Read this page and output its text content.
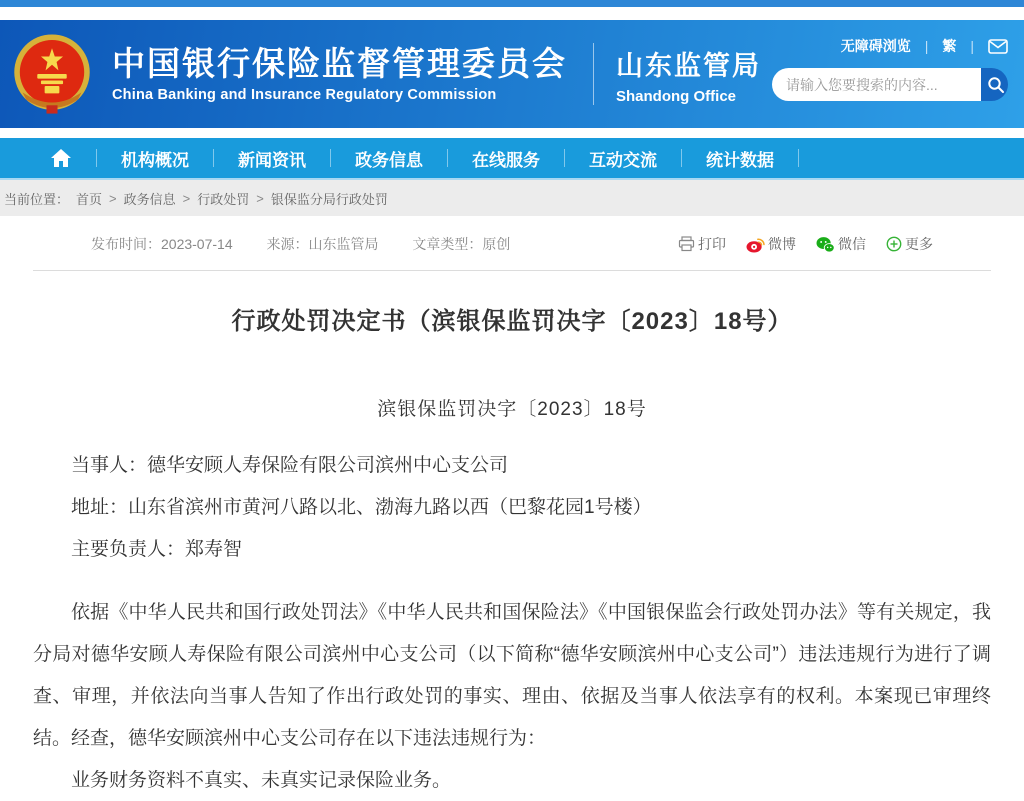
中国银行保险监督管理委员会
China Banking and Insurance Regulatory Commission
山东监管局
Shandong Office
无障碍浏览 | 繁 |
请输入您要搜索的内容...
机构概况	新闻资讯	政务信息	在线服务	互动交流	统计数据
当前位置： 首页 > 政务信息 > 行政处罚 > 银保监分局行政处罚
发布时间：2023-07-14 来源：山东监管局 文章类型：原创	打印	微博	微信	更多
行政处罚决定书（滨银保监罚决字〔2023〕18号）
滨银保监罚决字〔2023〕18号

当事人：德华安顾人寿保险有限公司滨州中心支公司

地址：山东省滨州市黄河八路以北、渤海九路以西（巴黎花园1号楼）

主要负责人：郑寿智

依据《中华人民共和国行政处罚法》《中华人民共和国保险法》《中国银保监会行政处罚办法》等有关规定，我分局对德华安顾人寿保险有限公司滨州中心支公司（以下简称“德华安顾滨州中心支公司”）违法违规行为进行了调查、审理，并依法向当事人告知了作出行政处罚的事实、理由、依据及当事人依法享有的权利。本案现已审理终结。经查，德华安顾滨州中心支公司存在以下违法违规行为：

业务财务资料不真实、未真实记录保险业务。
